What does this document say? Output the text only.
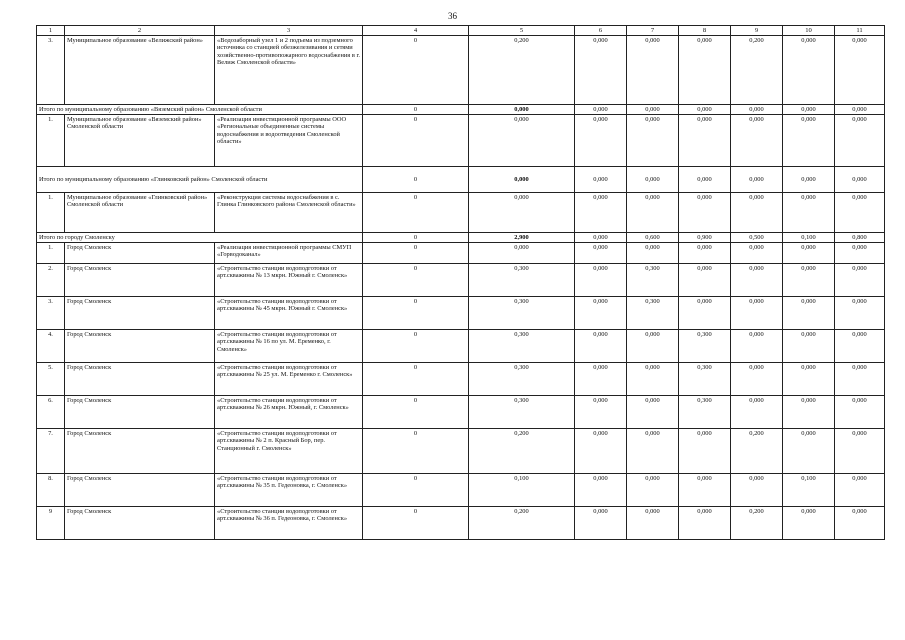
36
1	2	3	4	5	6	7	8	9	10	11
3.	Муниципальное образование «Велижский район»	«Водозаборный узел 1 и 2 подъема из подземного источника со станцией обезжелезивания и сетями хозяйственно-противопожарного водоснабжения в г. Велиж Смоленской области»	0	0,200	0,000	0,000	0,000	0,200	0,000	0,000
Итого по муниципальному образованию «Вяземский район» Смоленской области			0	0,000	0,000	0,000	0,000	0,000	0,000	0,000
1.	Муниципальное образование «Вяземский район» Смоленской области	«Реализация инвестиционной программы ООО «Региональные объединенные системы водоснабжения и водоотведения Смоленской области»	0	0,000	0,000	0,000	0,000	0,000	0,000	0,000
Итого по муниципальному образованию «Глинковский район» Смоленской области			0	0,000	0,000	0,000	0,000	0,000	0,000	0,000
1.	Муниципальное образование «Глинковский район» Смоленской области	«Реконструкция системы водоснабжения в с. Глинка Глинковского района Смоленской области»	0	0,000	0,000	0,000	0,000	0,000	0,000	0,000
Итого по городу Смоленску			0	2,900	0,000	0,600	0,900	0,500	0,100	0,800
1.	Город Смоленск	«Реализация инвестиционной программы СМУП «Горводоканал»	0	0,000	0,000	0,000	0,000	0,000	0,000	0,000
2.	Город Смоленск	«Строительство станции водоподготовки от арт.скважины № 13 мкрн. Южный г. Смоленск»	0	0,300	0,000	0,300	0,000	0,000	0,000	0,000
3.	Город Смоленск	«Строительство станции водоподготовки от арт.скважины № 45 мкрн. Южный г. Смоленск»	0	0,300	0,000	0,300	0,000	0,000	0,000	0,000
4.	Город Смоленск	«Строительство станции водоподготовки от арт.скважины № 16 по ул. М. Еременко, г. Смоленск»	0	0,300	0,000	0,000	0,300	0,000	0,000	0,000
5.	Город Смоленск	«Строительство станции водоподготовки от арт.скважины № 25 ул. М. Еременко г. Смоленск»	0	0,300	0,000	0,000	0,300	0,000	0,000	0,000
6.	Город Смоленск	«Строительство станции водоподготовки от арт.скважины № 26 мкрн. Южный, г. Смоленск»	0	0,300	0,000	0,000	0,300	0,000	0,000	0,000
7.	Город Смоленск	«Строительство станции водоподготовки от арт.скважины № 2 п. Красный Бор, пер. Станционный г. Смоленск»	0	0,200	0,000	0,000	0,000	0,200	0,000	0,000
8.	Город Смоленск	«Строительство станции водоподготовки от арт.скважины № 35 п. Гедеоновка, г. Смоленск»	0	0,100	0,000	0,000	0,000	0,000	0,100	0,000
9	Город Смоленск	«Строительство станции водоподготовки от арт.скважины № 36 п. Гедеоновка, г. Смоленск»	0	0,200	0,000	0,000	0,000	0,200	0,000	0,000
